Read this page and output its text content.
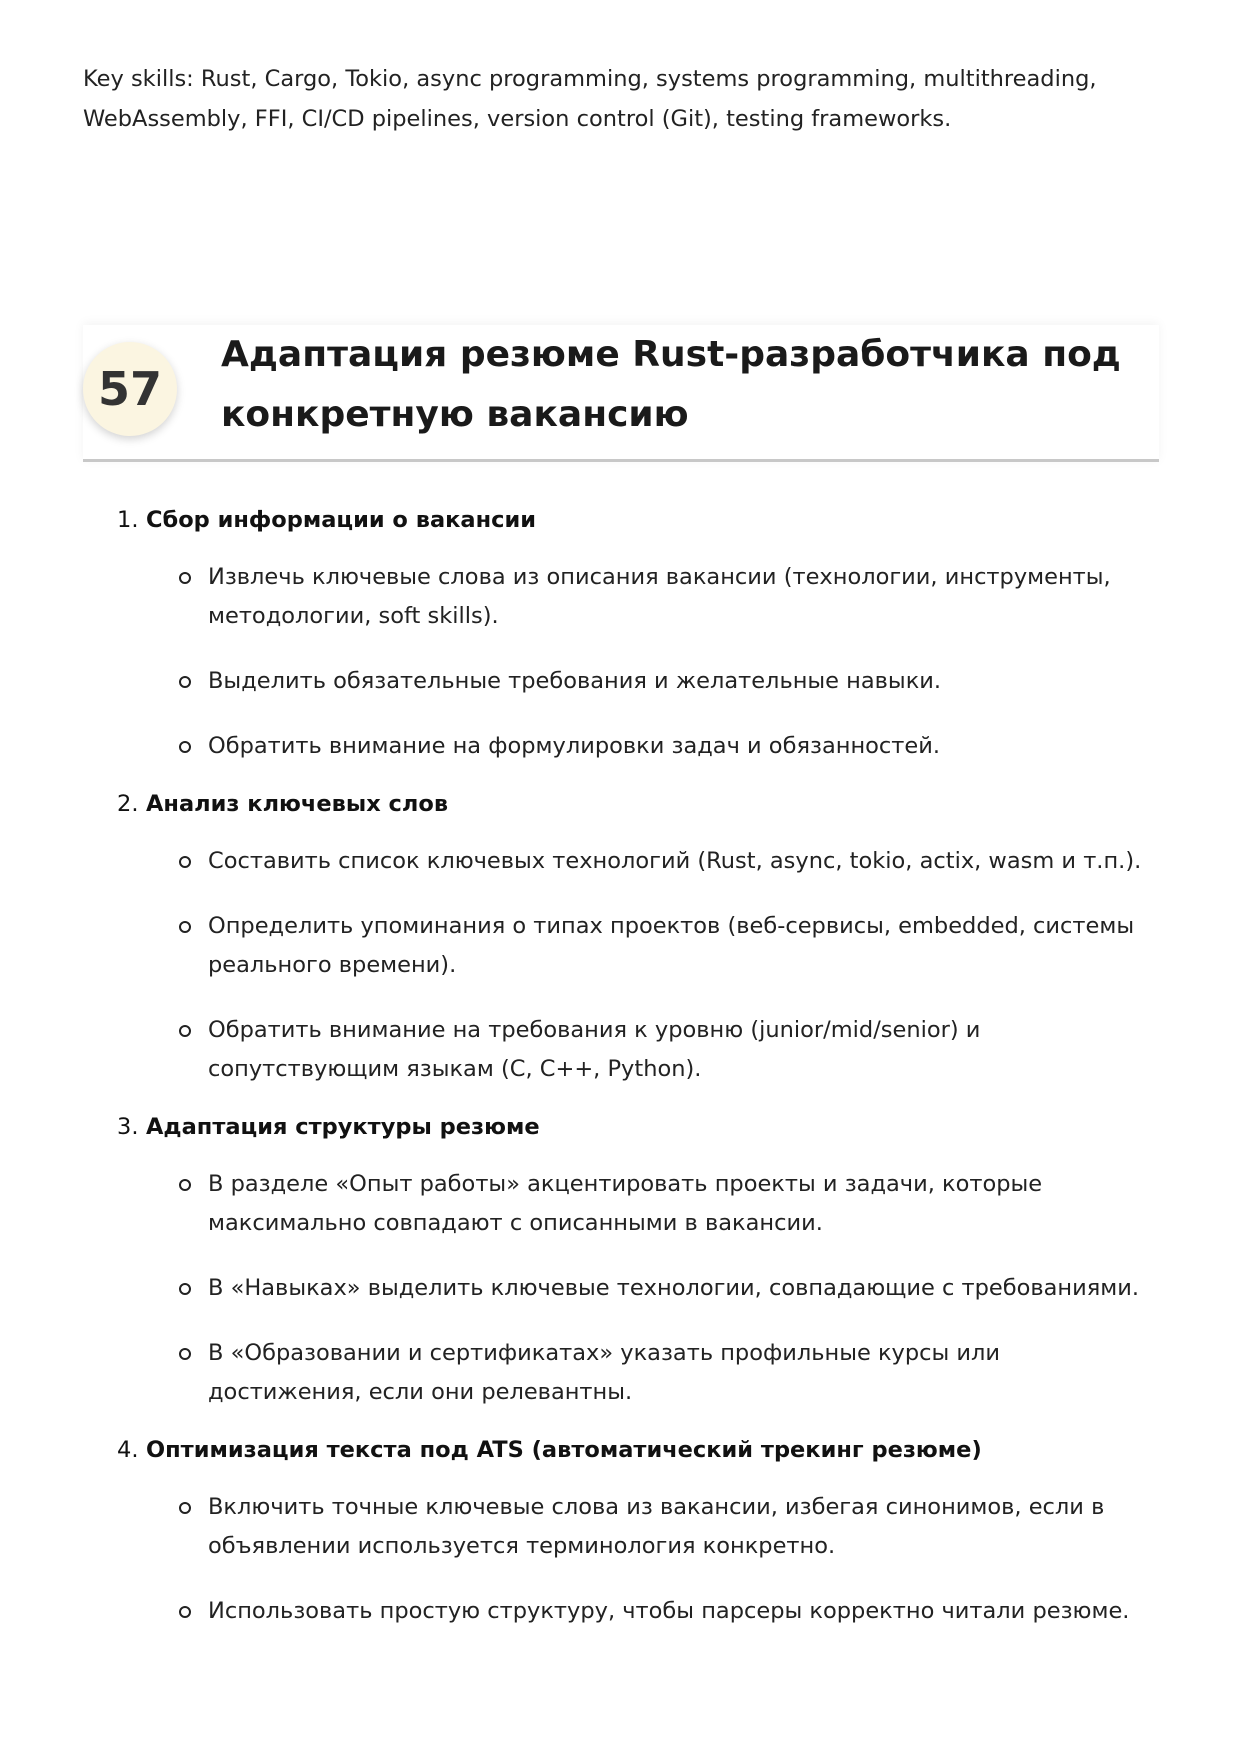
Key skills: Rust, Cargo, Tokio, async programming, systems programming, multithreading, WebAssembly, FFI, CI/CD pipelines, version control (Git), testing frameworks.

57
Адаптация резюме Rust-разработчика под конкретную вакансию
1. Сбор информации о вакансии
Извлечь ключевые слова из описания вакансии (технологии, инструменты, методологии, soft skills).
Выделить обязательные требования и желательные навыки.
Обратить внимание на формулировки задач и обязанностей.
2. Анализ ключевых слов
Составить список ключевых технологий (Rust, async, tokio, actix, wasm и т.п.).
Определить упоминания о типах проектов (веб-сервисы, embedded, системы реального времени).
Обратить внимание на требования к уровню (junior/mid/senior) и сопутствующим языкам (C, C++, Python).
3. Адаптация структуры резюме
В разделе «Опыт работы» акцентировать проекты и задачи, которые максимально совпадают с описанными в вакансии.
В «Навыках» выделить ключевые технологии, совпадающие с требованиями.
В «Образовании и сертификатах» указать профильные курсы или достижения, если они релевантны.
4. Оптимизация текста под ATS (автоматический трекинг резюме)
Включить точные ключевые слова из вакансии, избегая синонимов, если в объявлении используется терминология конкретно.
Использовать простую структуру, чтобы парсеры корректно читали резюме.
